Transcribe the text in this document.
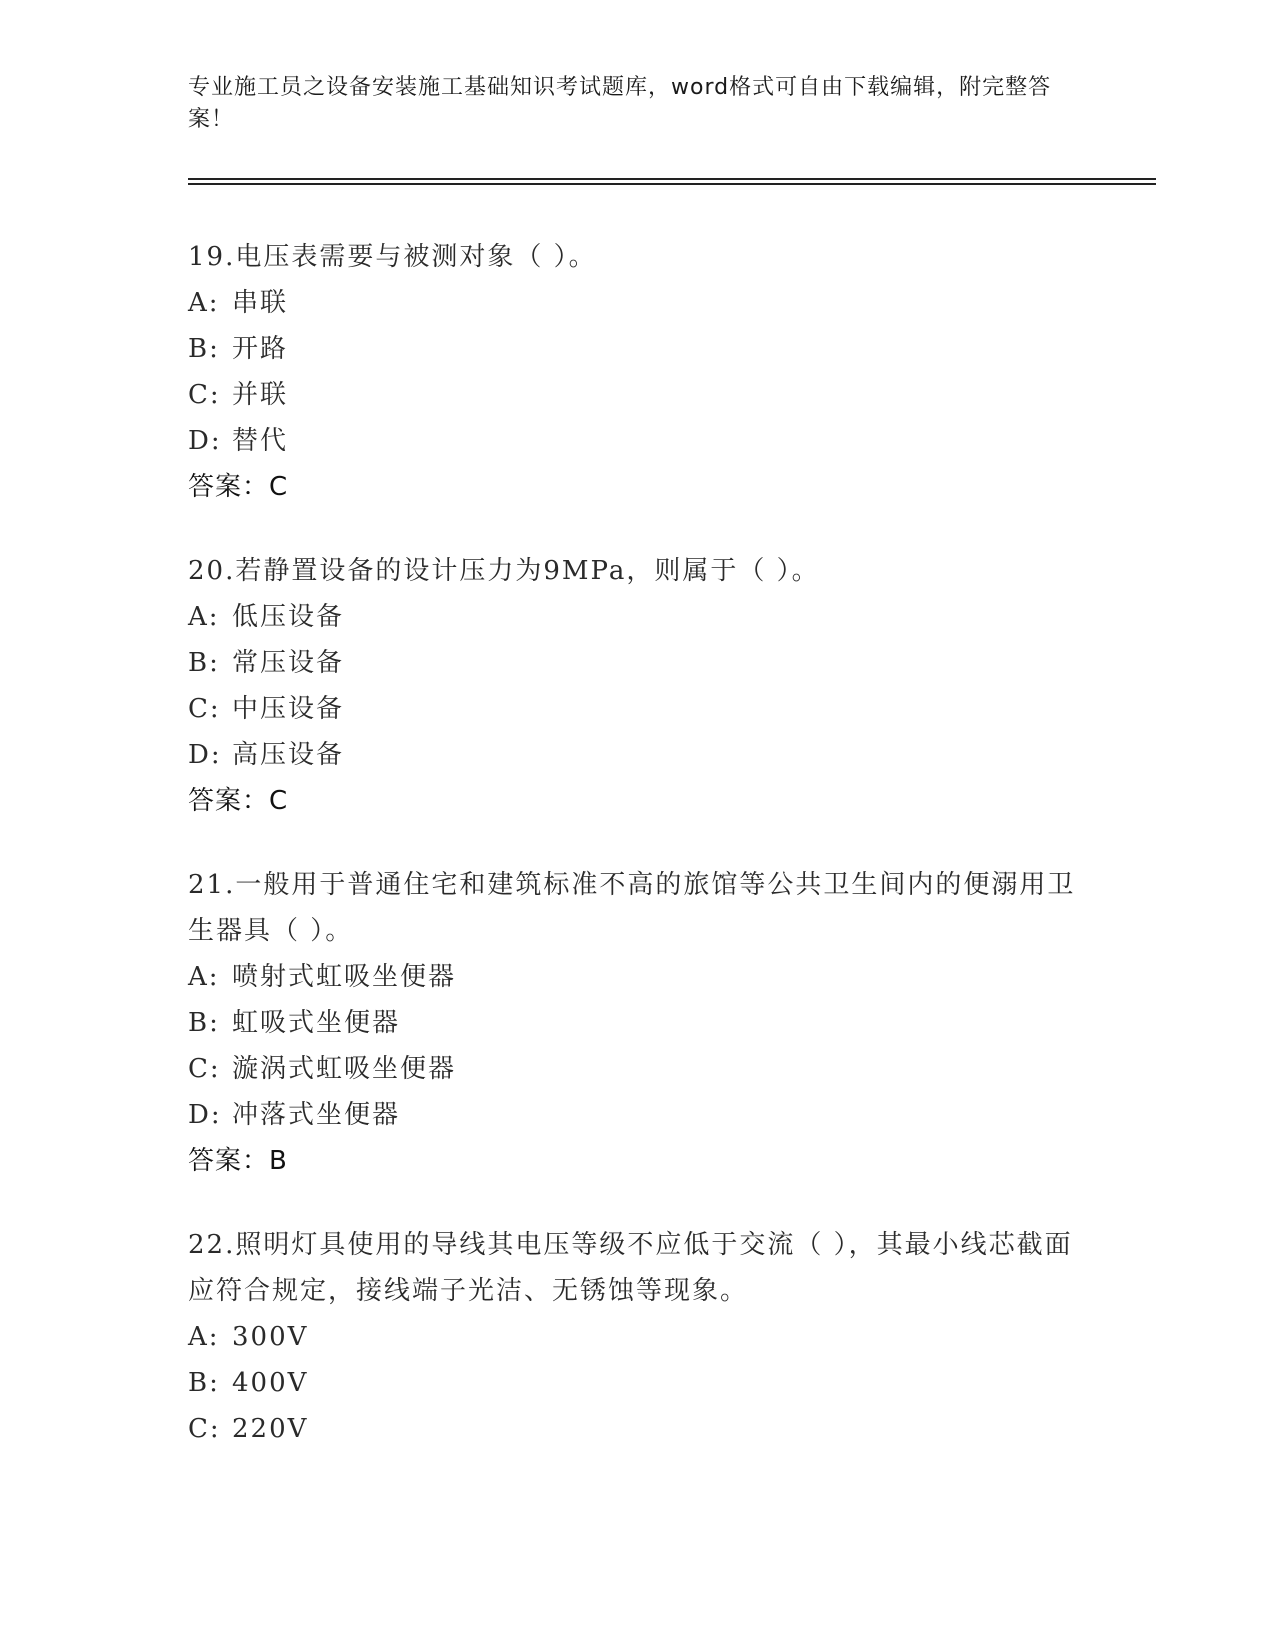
专业施工员之设备安装施工基础知识考试题库，word格式可自由下载编辑，附完整答案！

19.电压表需要与被测对象（ ）。

A: 串联
B: 开路
C: 并联
D: 替代
答案：C

20.若静置设备的设计压力为9MPa，则属于（ ）。

A: 低压设备
B: 常压设备
C: 中压设备
D: 高压设备
答案：C

21.一般用于普通住宅和建筑标准不高的旅馆等公共卫生间内的便溺用卫生器具（ ）。

A: 喷射式虹吸坐便器
B: 虹吸式坐便器
C: 漩涡式虹吸坐便器
D: 冲落式坐便器
答案：B

22.照明灯具使用的导线其电压等级不应低于交流（ ），其最小线芯截面应符合规定，接线端子光洁、无锈蚀等现象。

A: 300V
B: 400V
C: 220V
